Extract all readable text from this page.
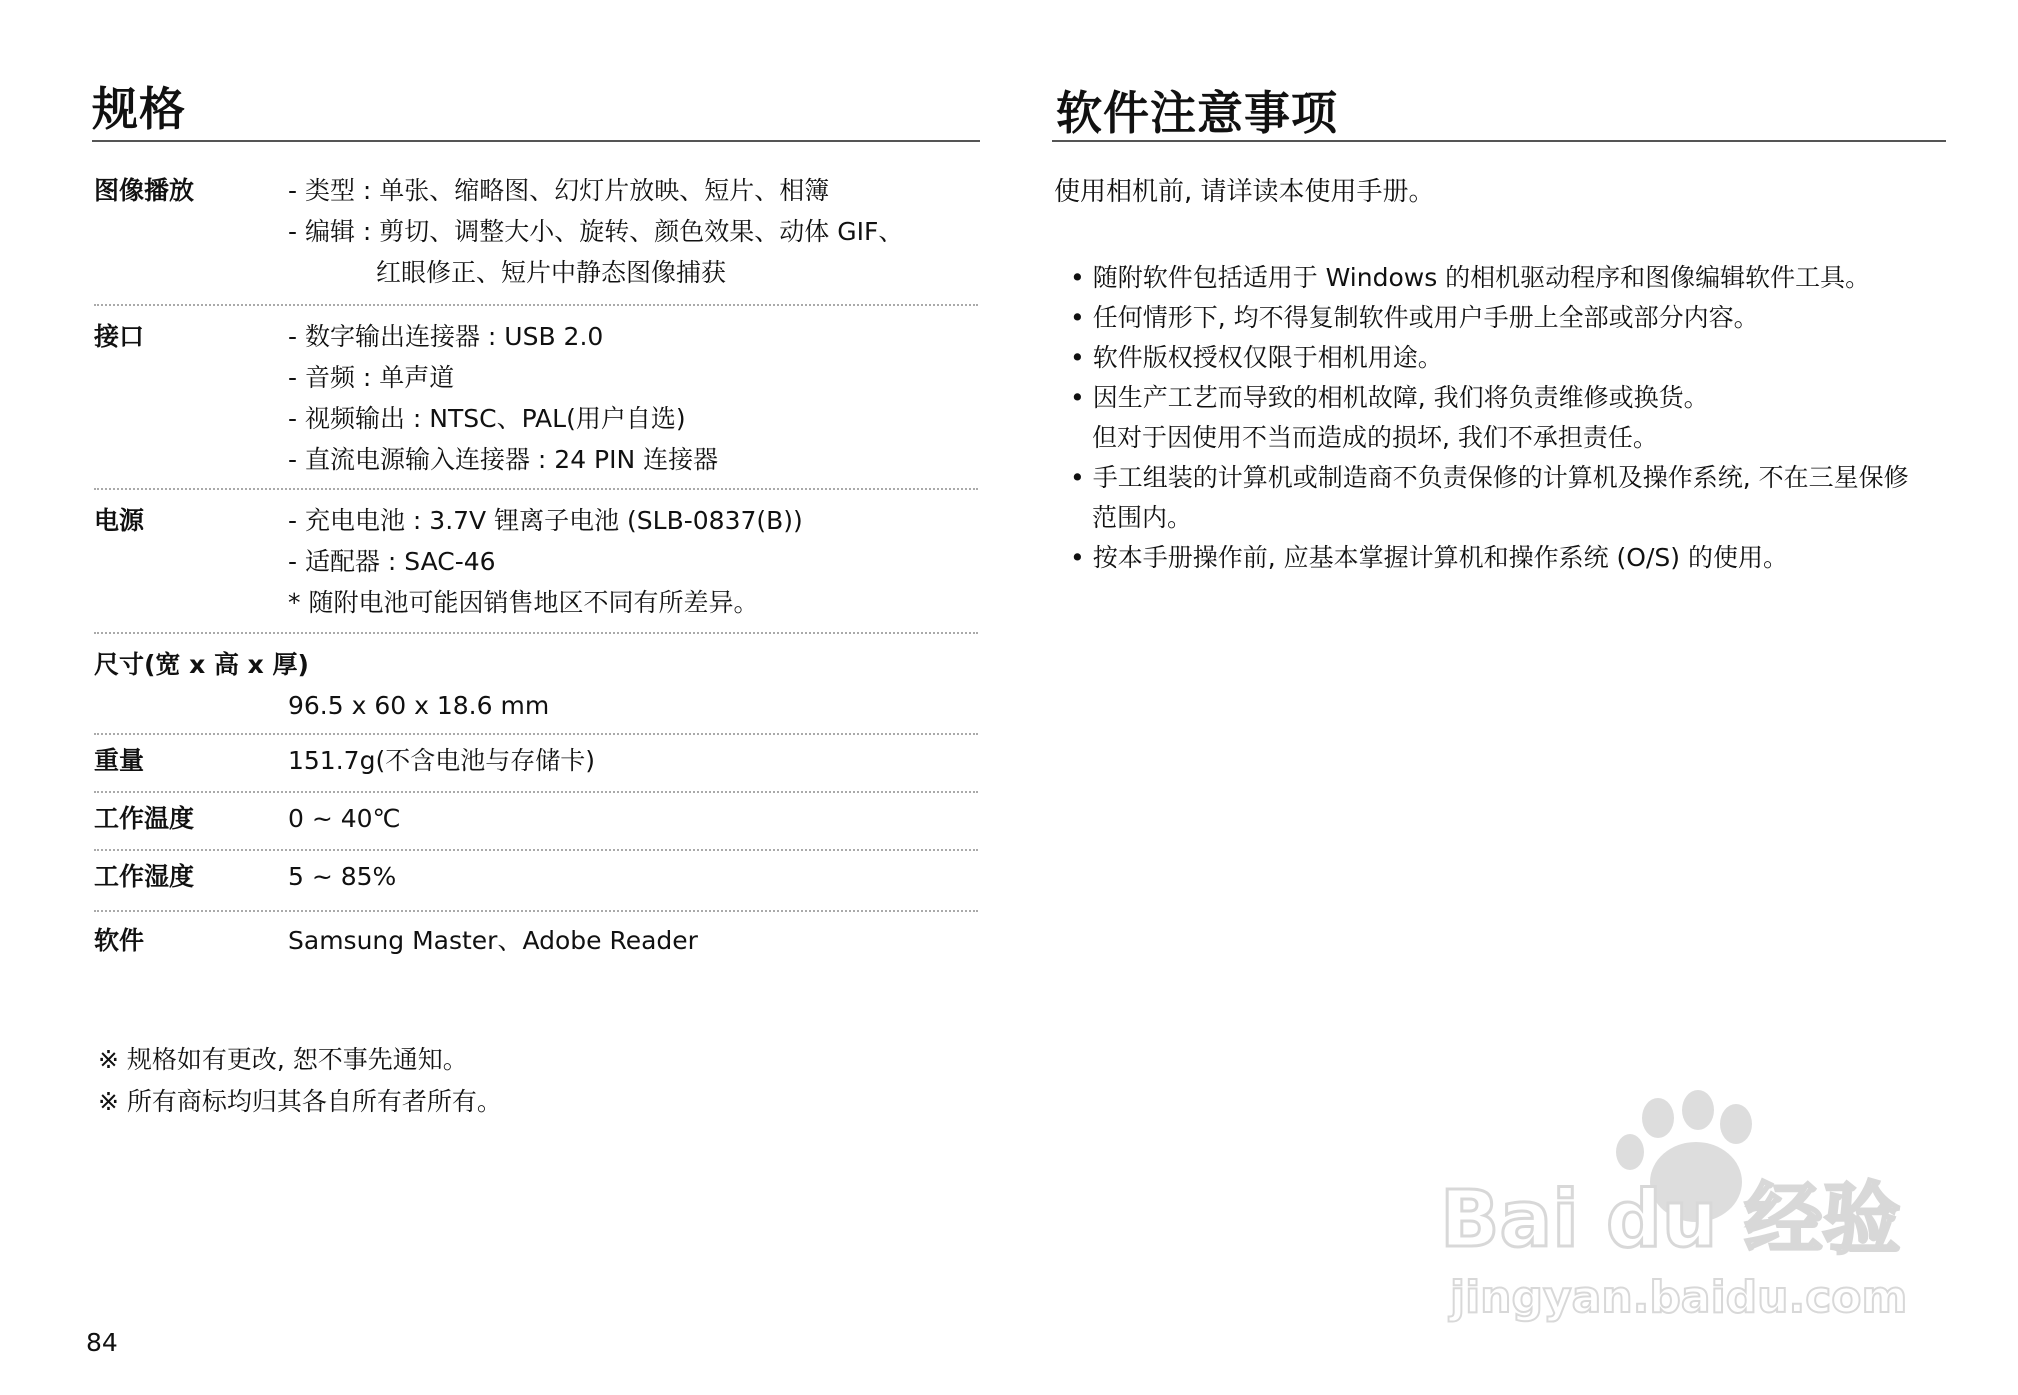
规格
图像播放	- 类型 : 单张、缩略图、幻灯片放映、短片、相簿
- 编辑 : 剪切、调整大小、旋转、颜色效果、动体 GIF、
红眼修正、短片中静态图像捕获
接口	- 数字输出连接器 : USB 2.0
- 音频 : 单声道
- 视频输出 : NTSC、PAL(用户自选)
- 直流电源输入连接器 : 24 PIN 连接器
电源	- 充电电池 : 3.7V 锂离子电池 (SLB-0837(B))
- 适配器 : SAC-46
* 随附电池可能因销售地区不同有所差异。
尺寸(宽 x 高 x 厚)
96.5 x 60 x 18.6 mm
重量	151.7g(不含电池与存储卡)
工作温度	0 ~ 40℃
工作湿度	5 ~ 85%
软件	Samsung Master、Adobe Reader
※ 规格如有更改, 恕不事先通知。
※ 所有商标均归其各自所有者所有。
软件注意事项
使用相机前, 请详读本使用手册。
• 随附软件包括适用于 Windows 的相机驱动程序和图像编辑软件工具。
• 任何情形下, 均不得复制软件或用户手册上全部或部分内容。
• 软件版权授权仅限于相机用途。
• 因生产工艺而导致的相机故障, 我们将负责维修或换货。
但对于因使用不当而造成的损坏, 我们不承担责任。
• 手工组装的计算机或制造商不负责保修的计算机及操作系统, 不在三星保修
范围内。
• 按本手册操作前, 应基本掌握计算机和操作系统 (O/S) 的使用。
84
Bai du 经验
jingyan.baidu.com
